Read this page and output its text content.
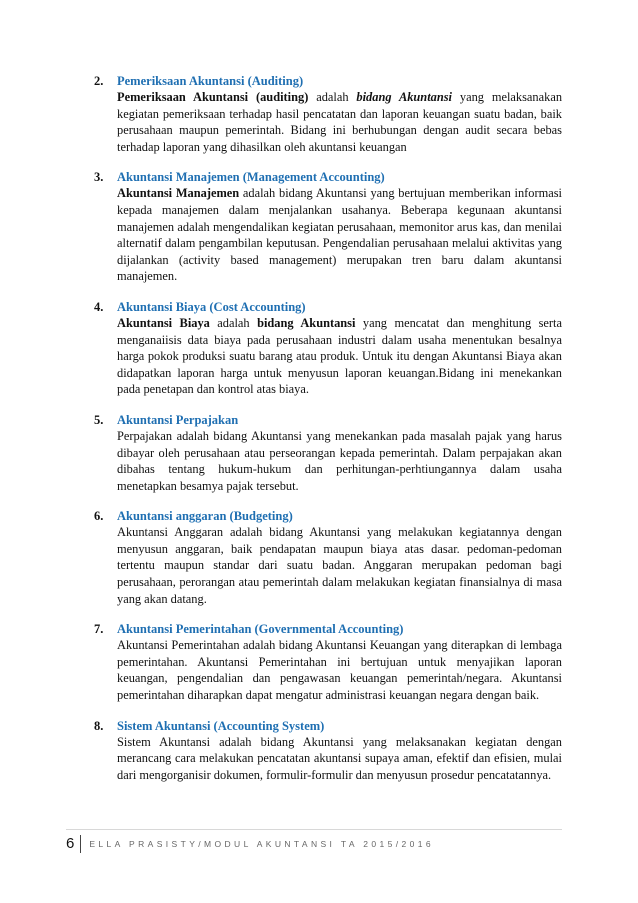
2.	Pemeriksaan Akuntansi (Auditing)

Pemeriksaan Akuntansi (auditing) adalah bidang Akuntansi yang melaksanakan kegiatan pemeriksaan terhadap hasil pencatatan dan laporan keuangan suatu badan, baik perusahaan maupun pemerintah. Bidang ini berhubungan dengan audit secara bebas terhadap laporan yang dihasilkan oleh akuntansi keuangan

3.	Akuntansi Manajemen (Management Accounting)

Akuntansi Manajemen adalah bidang Akuntansi yang bertujuan memberikan informasi kepada manajemen dalam menjalankan usahanya. Beberapa kegunaan akuntansi manajemen adalah mengendalikan kegiatan perusahaan, memonitor arus kas, dan menilai alternatif dalam pengambilan keputusan. Pengendalian perusahaan melalui aktivitas yang dijalankan (activity based management) merupakan tren baru dalam akuntansi manajemen.

4.	Akuntansi Biaya (Cost Accounting)

Akuntansi Biaya adalah bidang Akuntansi yang mencatat dan menghitung serta menganaiisis data biaya pada perusahaan industri dalam usaha menentukan besalnya harga pokok produksi suatu barang atau produk. Untuk itu dengan Akuntansi Biaya akan didapatkan laporan harga untuk menyusun laporan keuangan.Bidang ini menekankan pada penetapan dan kontrol atas biaya.

5.	Akuntansi Perpajakan

Perpajakan adalah bidang Akuntansi yang menekankan pada masalah pajak yang harus dibayar oleh perusahaan atau perseorangan kepada pemerintah. Dalam perpajakan akan dibahas tentang hukum-hukum dan perhitungan-perhtiunganny‌a dalam usaha menetapkan besamya pajak tersebut.

6.	Akuntansi anggaran (Budgeting)

Akuntansi Anggaran adalah bidang Akuntansi yang melakukan kegiatannya dengan menyusun anggaran, baik pendapatan maupun biaya atas dasar. pedoman-pedoman tertentu maupun standar dari suatu badan. Anggaran merupakan pedoman bagi perusahaan, perorangan atau pemerintah dalam melakukan kegiatan finansialnya di masa yang akan datang.

7.	Akuntansi Pemerintahan (Governmental Accounting)

Akuntansi Pemerintahan adalah bidang Akuntansi Keuangan yang diterapkan di lembaga pemerintahan. Akuntansi Pemerintahan ini bertujuan untuk menyajikan laporan keuangan, pengendalian dan pengawasan keuangan pemerintah/negara. Akuntansi pemerintahan diharapkan dapat mengatur administrasi keuangan negara dengan baik.

8.	Sistem Akuntansi (Accounting System)

Sistem Akuntansi adalah bidang Akuntansi yang melaksanakan kegiatan dengan merancang cara melakukan pencatatan akuntansi supaya aman, efektif dan efisien, mulai dari mengorganisir dokumen, formulir-formulir dan menyusun prosedur pencatatannya.

6	ELLA PRASISTY/MODUL AKUNTANSI TA 2015/2016
